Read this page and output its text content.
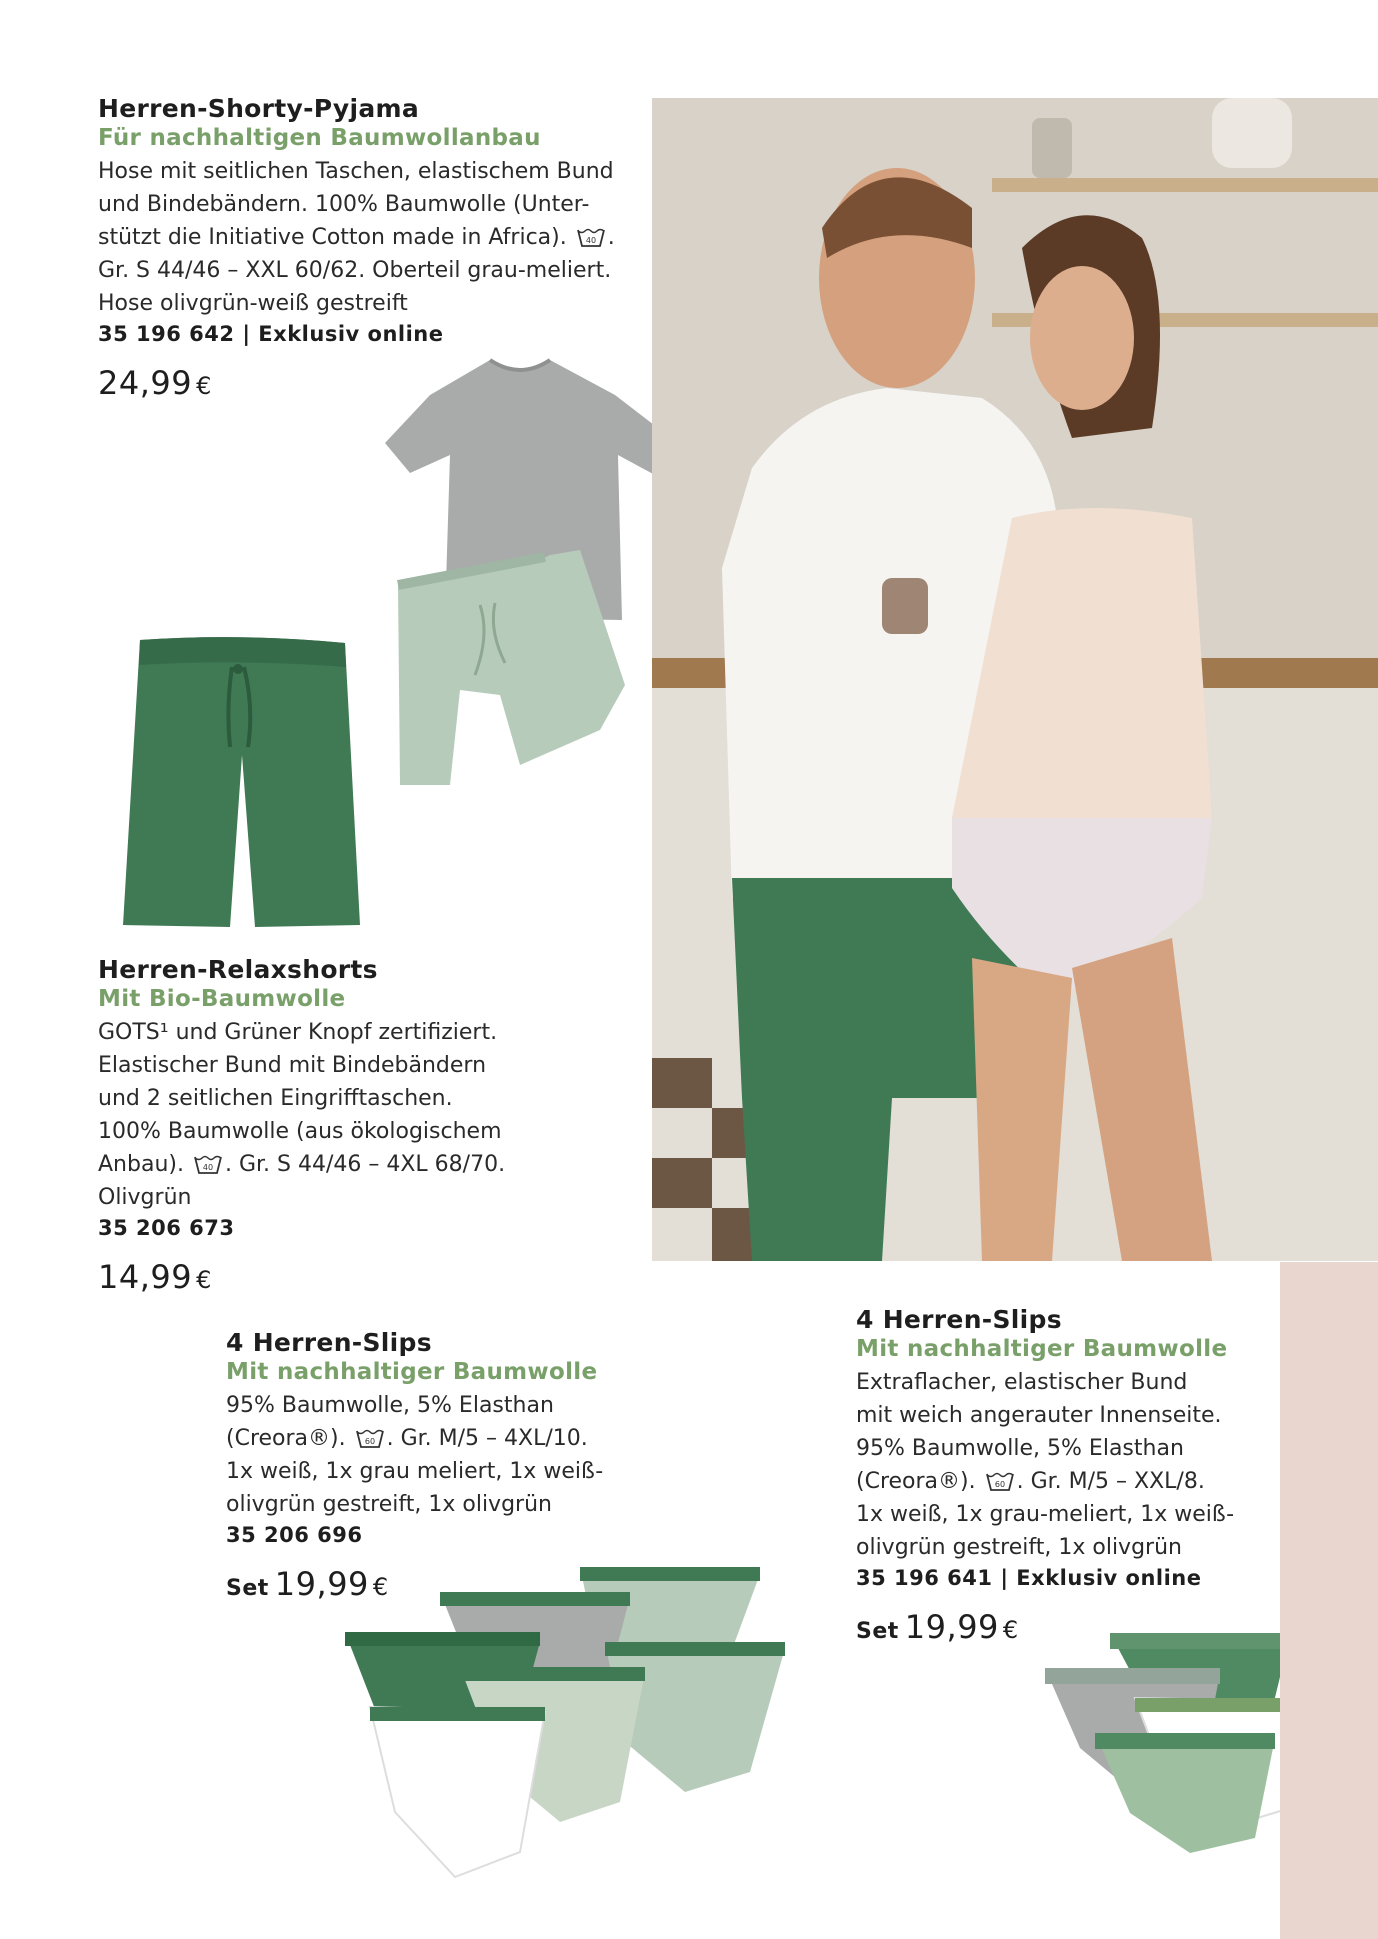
Herren-Shorty-Pyjama
Für nachhaltigen Baumwollanbau
Hose mit seitlichen Taschen, elastischem Bund
und Bindebändern. 100% Baumwolle (Unter-
stützt die Initiative Cotton made in Africa). 40 .
Gr. S 44/46 – XXL 60/62. Oberteil grau-meliert.
Hose olivgrün-weiß gestreift
35 196 642 | Exklusiv online
24,99 €
Herren-Relaxshorts
Mit Bio-Baumwolle
GOTS¹ und Grüner Knopf zertifiziert.
Elastischer Bund mit Bindebändern
und 2 seitlichen Eingrifftaschen.
100% Baumwolle (aus ökologischem
Anbau). 40 . Gr. S 44/46 – 4XL 68/70.
Olivgrün
35 206 673
14,99 €
4 Herren-Slips
Mit nachhaltiger Baumwolle
95% Baumwolle, 5% Elasthan
(Creora®). 60 . Gr. M/5 – 4XL/10.
1x weiß, 1x grau meliert, 1x weiß-
olivgrün gestreift, 1x olivgrün
35 206 696
Set 19,99 €
4 Herren-Slips
Mit nachhaltiger Baumwolle
Extraflacher, elastischer Bund
mit weich angerauter Innenseite.
95% Baumwolle, 5% Elasthan
(Creora®). 60 . Gr. M/5 – XXL/8.
1x weiß, 1x grau-meliert, 1x weiß-
olivgrün gestreift, 1x olivgrün
35 196 641 | Exklusiv online
Set 19,99 €
